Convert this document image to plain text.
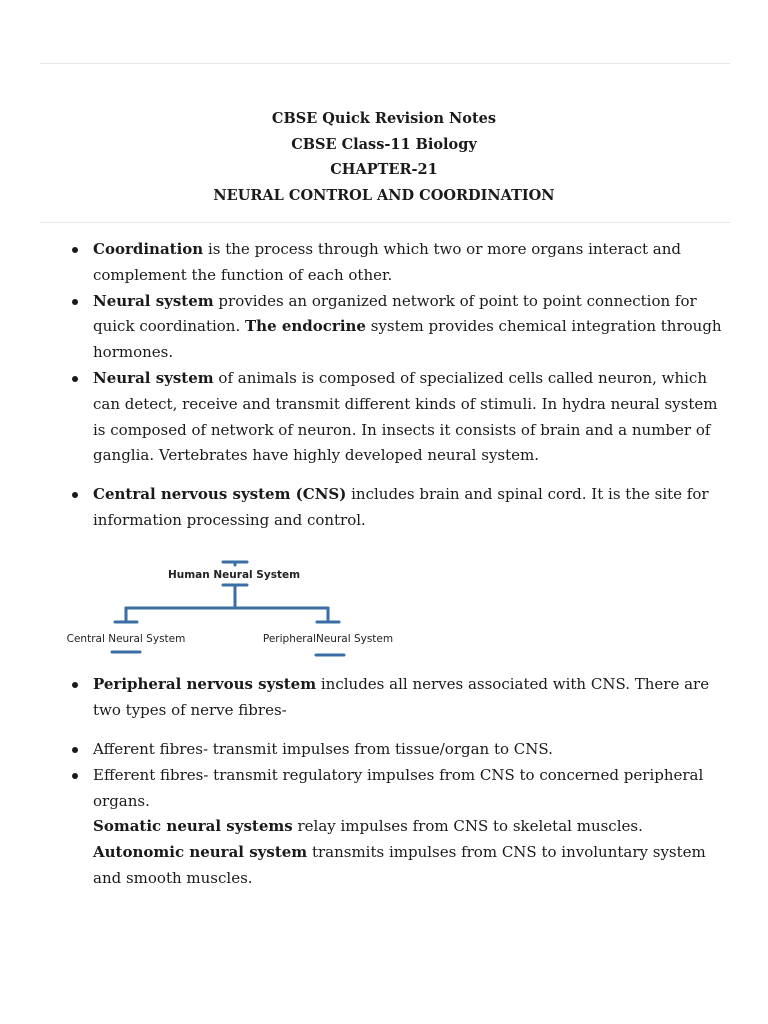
CBSE Quick Revision Notes
CBSE Class-11 Biology
CHAPTER-21
NEURAL CONTROL AND COORDINATION
Coordination is the process through which two or more organs interact and complement the function of each other.
Neural system provides an organized network of point to point connection for quick coordination. The endocrine system provides chemical integration through hormones.
Neural system of animals is composed of specialized cells called neuron, which can detect, receive and transmit different kinds of stimuli. In hydra neural system is composed of network of neuron. In insects it consists of brain and a number of ganglia. Vertebrates have highly developed neural system.
Central nervous system (CNS) includes brain and spinal cord. It is the site for information processing and control.
Human Neural System
Central Neural System	PeripheralNeural System
Peripheral nervous system includes all nerves associated with CNS. There are two types of nerve fibres-
Afferent fibres- transmit impulses from tissue/organ to CNS.
Efferent fibres- transmit regulatory impulses from CNS to concerned peripheral organs.
Somatic neural systems relay impulses from CNS to skeletal muscles. Autonomic neural system transmits impulses from CNS to involuntary system and smooth muscles.
